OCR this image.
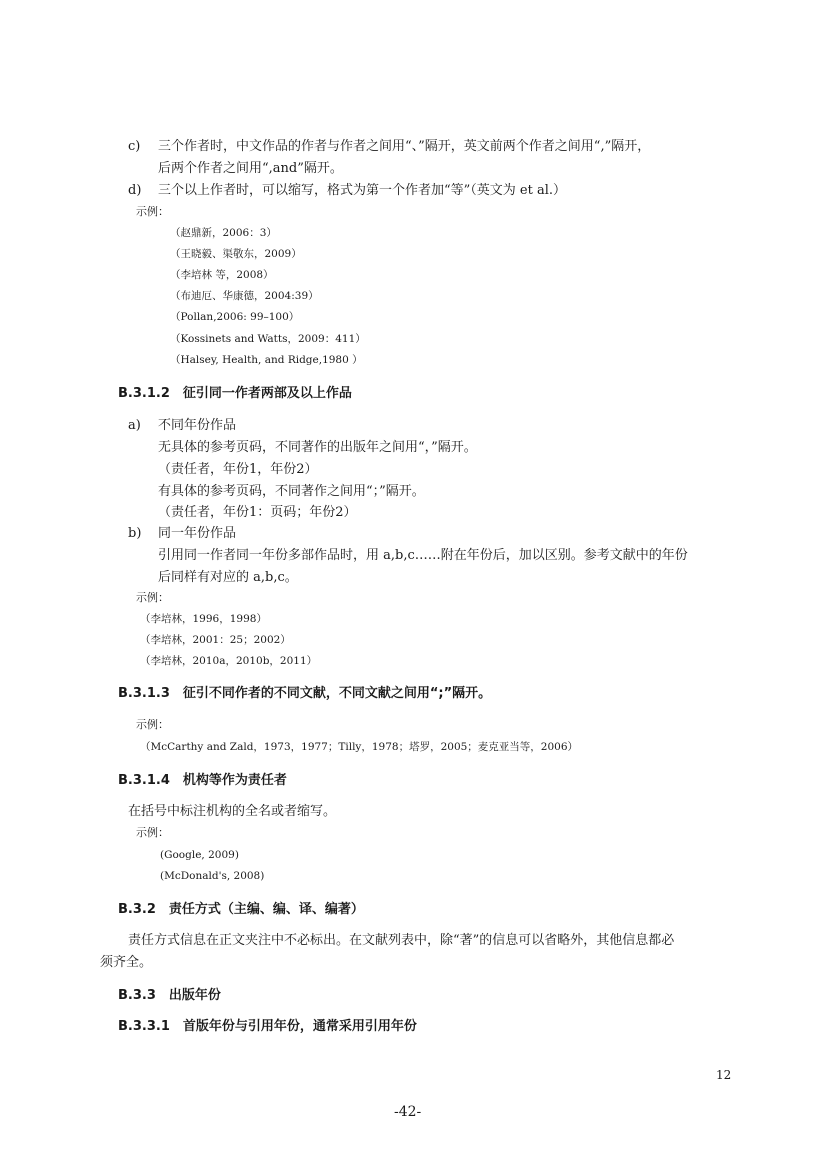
c) 三个作者时，中文作品的作者与作者之间用“、”隔开，英文前两个作者之间用“,”隔开，
后两个作者之间用“,and”隔开。
d) 三个以上作者时，可以缩写，格式为第一个作者加“等”（英文为 et al.）
示例：
（赵鼎新，2006：3）
（王晓毅、渠敬东，2009）
（李培林 等，2008）
（布迪厄、华康德，2004:39）
（Pollan,2006: 99–100）
（Kossinets and Watts，2009：411）
（Halsey, Health, and Ridge,1980 ）
B.3.1.2　征引同一作者两部及以上作品
a) 不同年份作品
无具体的参考页码，不同著作的出版年之间用“，”隔开。
（责任者，年份1，年份2）
有具体的参考页码，不同著作之间用“；”隔开。
（责任者，年份1：页码；年份2）
b) 同一年份作品
引用同一作者同一年份多部作品时，用 a,b,c……附在年份后，加以区别。参考文献中的年份
后同样有对应的 a,b,c。
示例：
（李培林，1996，1998）
（李培林，2001：25；2002）
（李培林，2010a，2010b，2011）
B.3.1.3　征引不同作者的不同文献，不同文献之间用“;”隔开。
示例：
（McCarthy and Zald，1973，1977；Tilly，1978；塔罗，2005；麦克亚当等，2006）
B.3.1.4　机构等作为责任者
在括号中标注机构的全名或者缩写。
示例：
(Google, 2009)
(McDonald's, 2008)
B.3.2　责任方式（主编、编、译、编著）
责任方式信息在正文夹注中不必标出。在文献列表中，除“著”的信息可以省略外，其他信息都必
须齐全。
B.3.3　出版年份
B.3.3.1　首版年份与引用年份，通常采用引用年份
12
-42-
